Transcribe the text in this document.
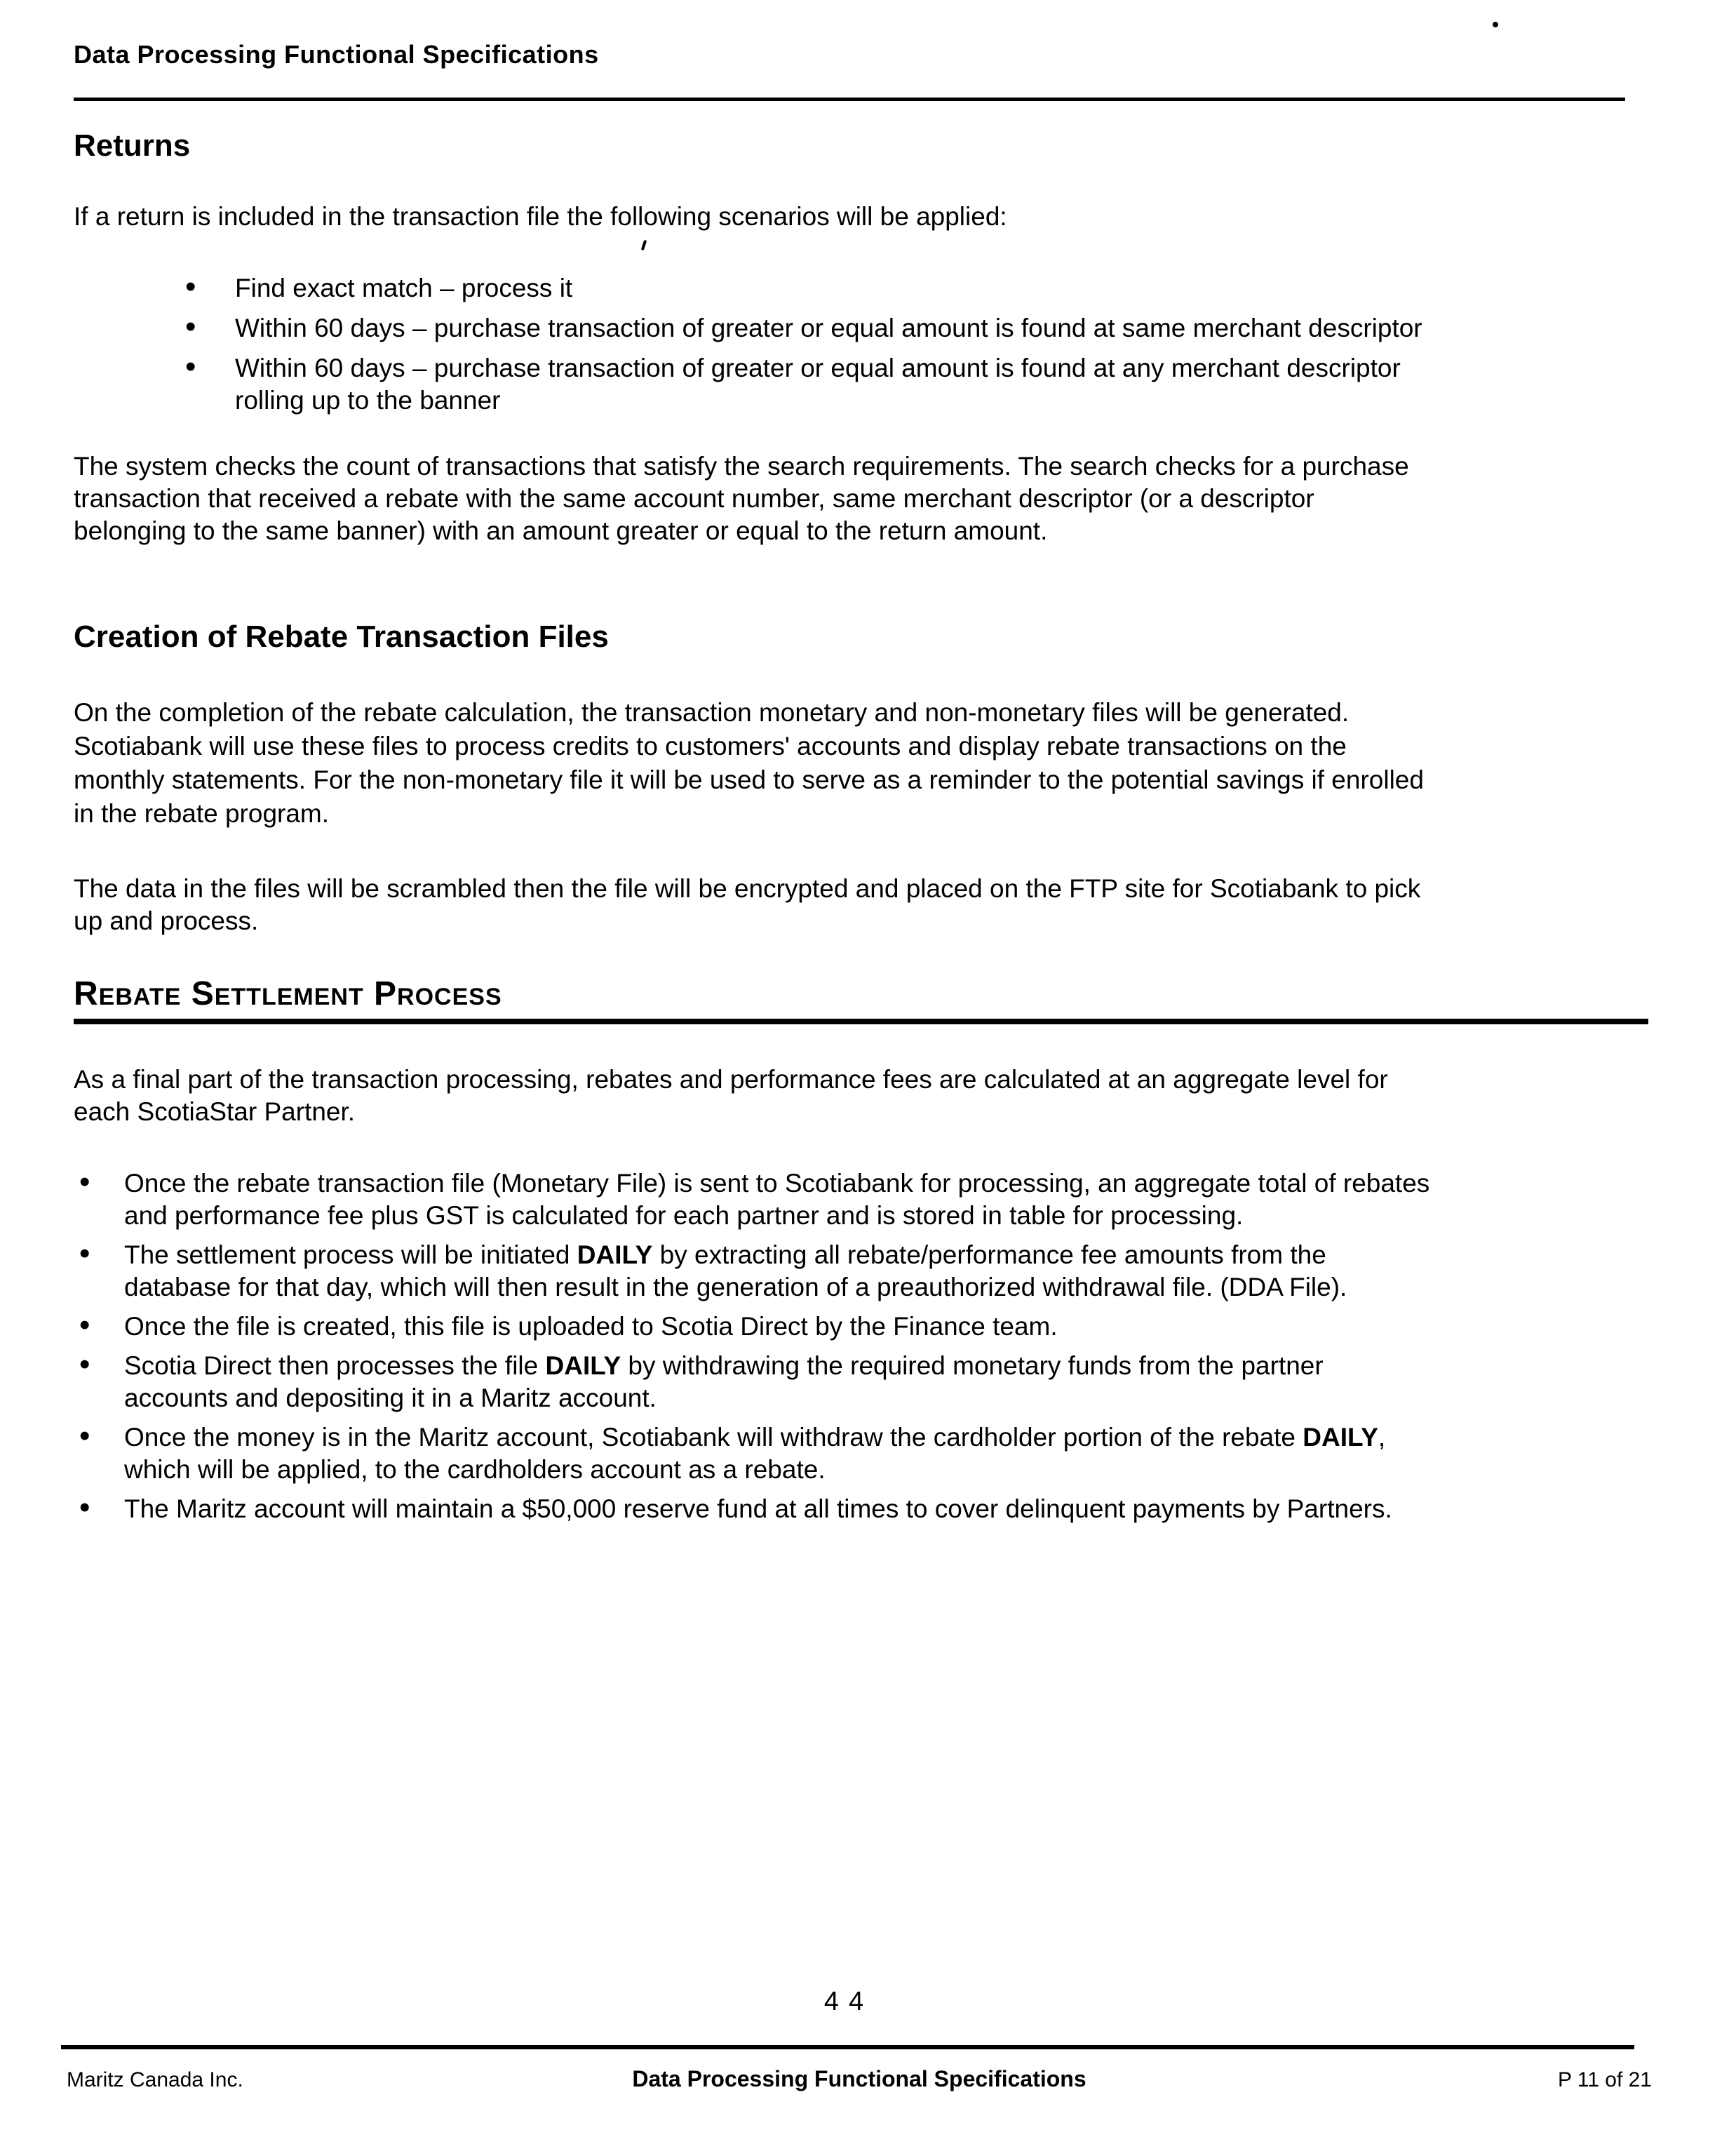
Data Processing Functional Specifications
Returns
If a return is included in the transaction file the following scenarios will be applied:
• Find exact match – process it
• Within 60 days – purchase transaction of greater or equal amount is found at same merchant descriptor
• Within 60 days – purchase transaction of greater or equal amount is found at any merchant descriptor
rolling up to the banner
The system checks the count of transactions that satisfy the search requirements. The search checks for a purchase
transaction that received a rebate with the same account number, same merchant descriptor (or a descriptor
belonging to the same banner) with an amount greater or equal to the return amount.
Creation of Rebate Transaction Files
On the completion of the rebate calculation, the transaction monetary and non-monetary files will be generated.
Scotiabank will use these files to process credits to customers' accounts and display rebate transactions on the
monthly statements. For the non-monetary file it will be used to serve as a reminder to the potential savings if enrolled
in the rebate program.
The data in the files will be scrambled then the file will be encrypted and placed on the FTP site for Scotiabank to pick
up and process.
Rebate Settlement Process
As a final part of the transaction processing, rebates and performance fees are calculated at an aggregate level for
each ScotiaStar Partner.
• Once the rebate transaction file (Monetary File) is sent to Scotiabank for processing, an aggregate total of rebates
and performance fee plus GST is calculated for each partner and is stored in table for processing.
• The settlement process will be initiated DAILY by extracting all rebate/performance fee amounts from the
database for that day, which will then result in the generation of a preauthorized withdrawal file. (DDA File).
• Once the file is created, this file is uploaded to Scotia Direct by the Finance team.
• Scotia Direct then processes the file DAILY by withdrawing the required monetary funds from the partner
accounts and depositing it in a Maritz account.
• Once the money is in the Maritz account, Scotiabank will withdraw the cardholder portion of the rebate DAILY,
which will be applied, to the cardholders account as a rebate.
• The Maritz account will maintain a $50,000 reserve fund at all times to cover delinquent payments by Partners.
44
Maritz Canada Inc.	Data Processing Functional Specifications	P 11 of 21
